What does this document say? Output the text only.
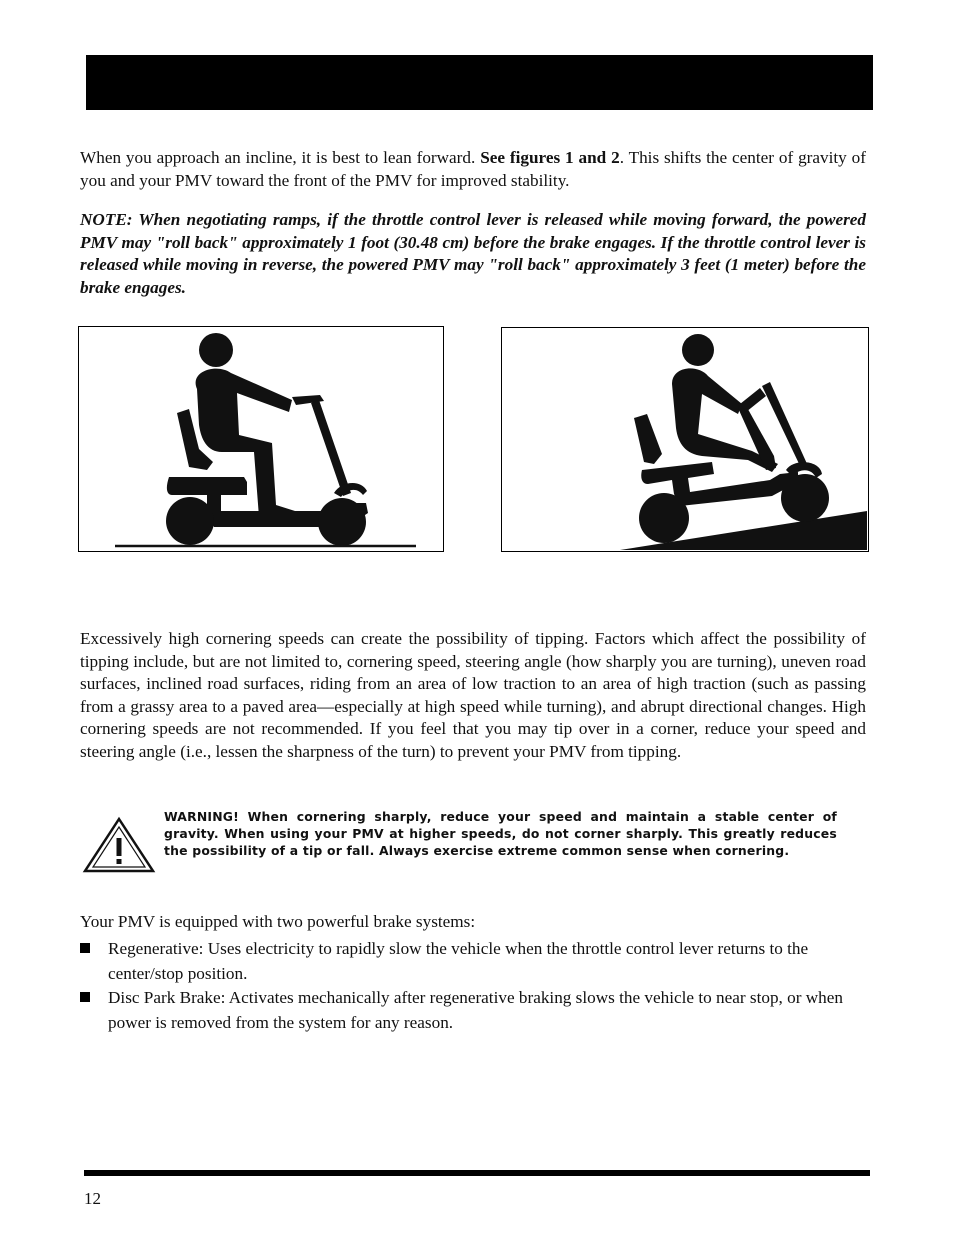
When you approach an incline, it is best to lean forward. See figures 1 and 2. This shifts the center of gravity of you and your PMV toward the front of the PMV for improved stability.

NOTE: When negotiating ramps, if the throttle control lever is released while moving forward, the powered PMV may "roll back" approximately 1 foot (30.48 cm) before the brake engages. If the throttle control lever is released while moving in reverse, the powered PMV may "roll back" approximately 3 feet (1 meter) before the brake engages.

Excessively high cornering speeds can create the possibility of tipping. Factors which affect the possibility of tipping include, but are not limited to, cornering speed, steering angle (how sharply you are turning), uneven road surfaces, inclined road surfaces, riding from an area of low traction to an area of high traction (such as passing from a grassy area to a paved area—especially at high speed while turning), and abrupt directional changes. High cornering speeds are not recommended. If you feel that you may tip over in a corner, reduce your speed and steering angle (i.e., lessen the sharpness of the turn) to prevent your PMV from tipping.

WARNING! When cornering sharply, reduce your speed and maintain a stable center of gravity. When using your PMV at higher speeds, do not corner sharply. This greatly reduces the possibility of a tip or fall. Always exercise extreme common sense when cornering.

Your PMV is equipped with two powerful brake systems:

Regenerative: Uses electricity to rapidly slow the vehicle when the throttle control lever returns to the center/stop position.

Disc Park Brake: Activates mechanically after regenerative braking slows the vehicle to near stop, or when power is removed from the system for any reason.

12
